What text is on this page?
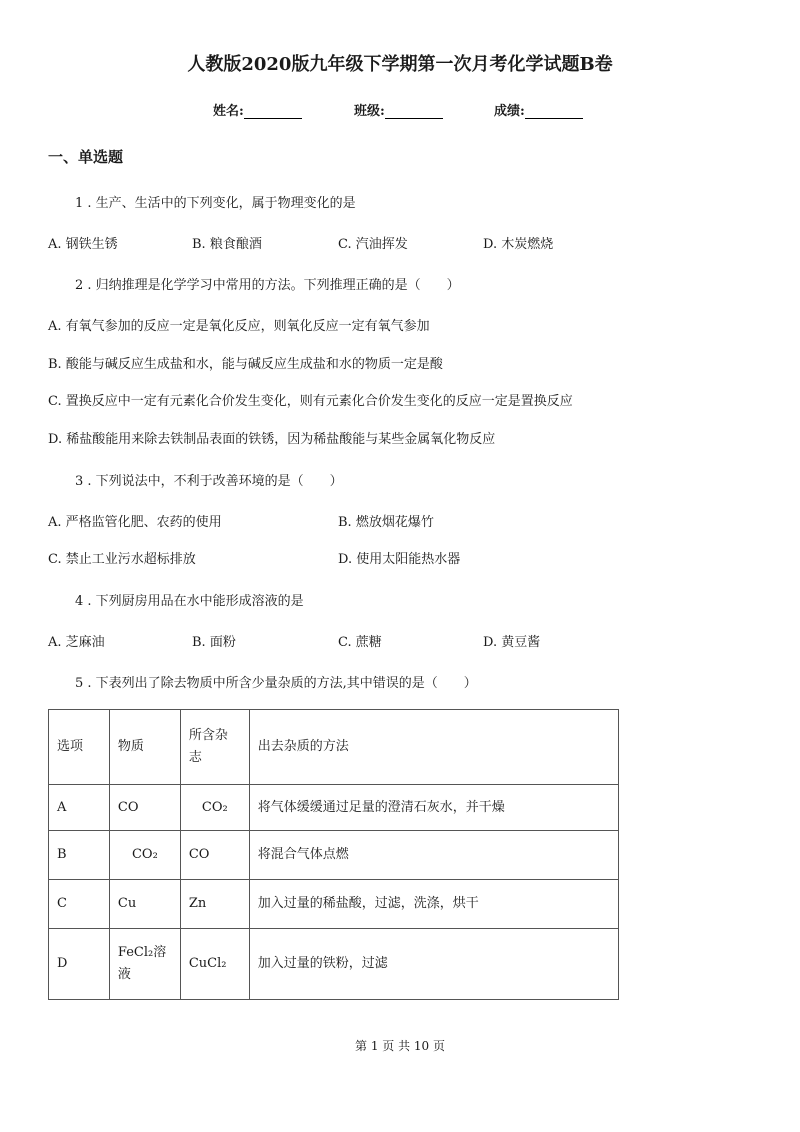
人教版2020版九年级下学期第一次月考化学试题B卷
姓名:	班级:	成绩:
一、单选题
1 . 生产、生活中的下列变化，属于物理变化的是
A. 钢铁生锈	B. 粮食酿酒	C. 汽油挥发	D. 木炭燃烧
2 . 归纳推理是化学学习中常用的方法。下列推理正确的是（　　）
A. 有氧气参加的反应一定是氧化反应，则氧化反应一定有氧气参加
B. 酸能与碱反应生成盐和水，能与碱反应生成盐和水的物质一定是酸
C. 置换反应中一定有元素化合价发生变化，则有元素化合价发生变化的反应一定是置换反应
D. 稀盐酸能用来除去铁制品表面的铁锈，因为稀盐酸能与某些金属氧化物反应
3 . 下列说法中，不利于改善环境的是（　　）
A. 严格监管化肥、农药的使用	B. 燃放烟花爆竹
C. 禁止工业污水超标排放	D. 使用太阳能热水器
4 . 下列厨房用品在水中能形成溶液的是
A. 芝麻油	B. 面粉	C. 蔗糖	D. 黄豆酱
5 . 下表列出了除去物质中所含少量杂质的方法,其中错误的是（　　）
选项	物质	所含杂志	出去杂质的方法
A	CO	CO₂	将气体缓缓通过足量的澄清石灰水，并干燥
B	CO₂	CO	将混合气体点燃
C	Cu	Zn	加入过量的稀盐酸，过滤，洗涤，烘干
D	FeCl₂溶液	CuCl₂	加入过量的铁粉，过滤
第 1 页 共 10 页
